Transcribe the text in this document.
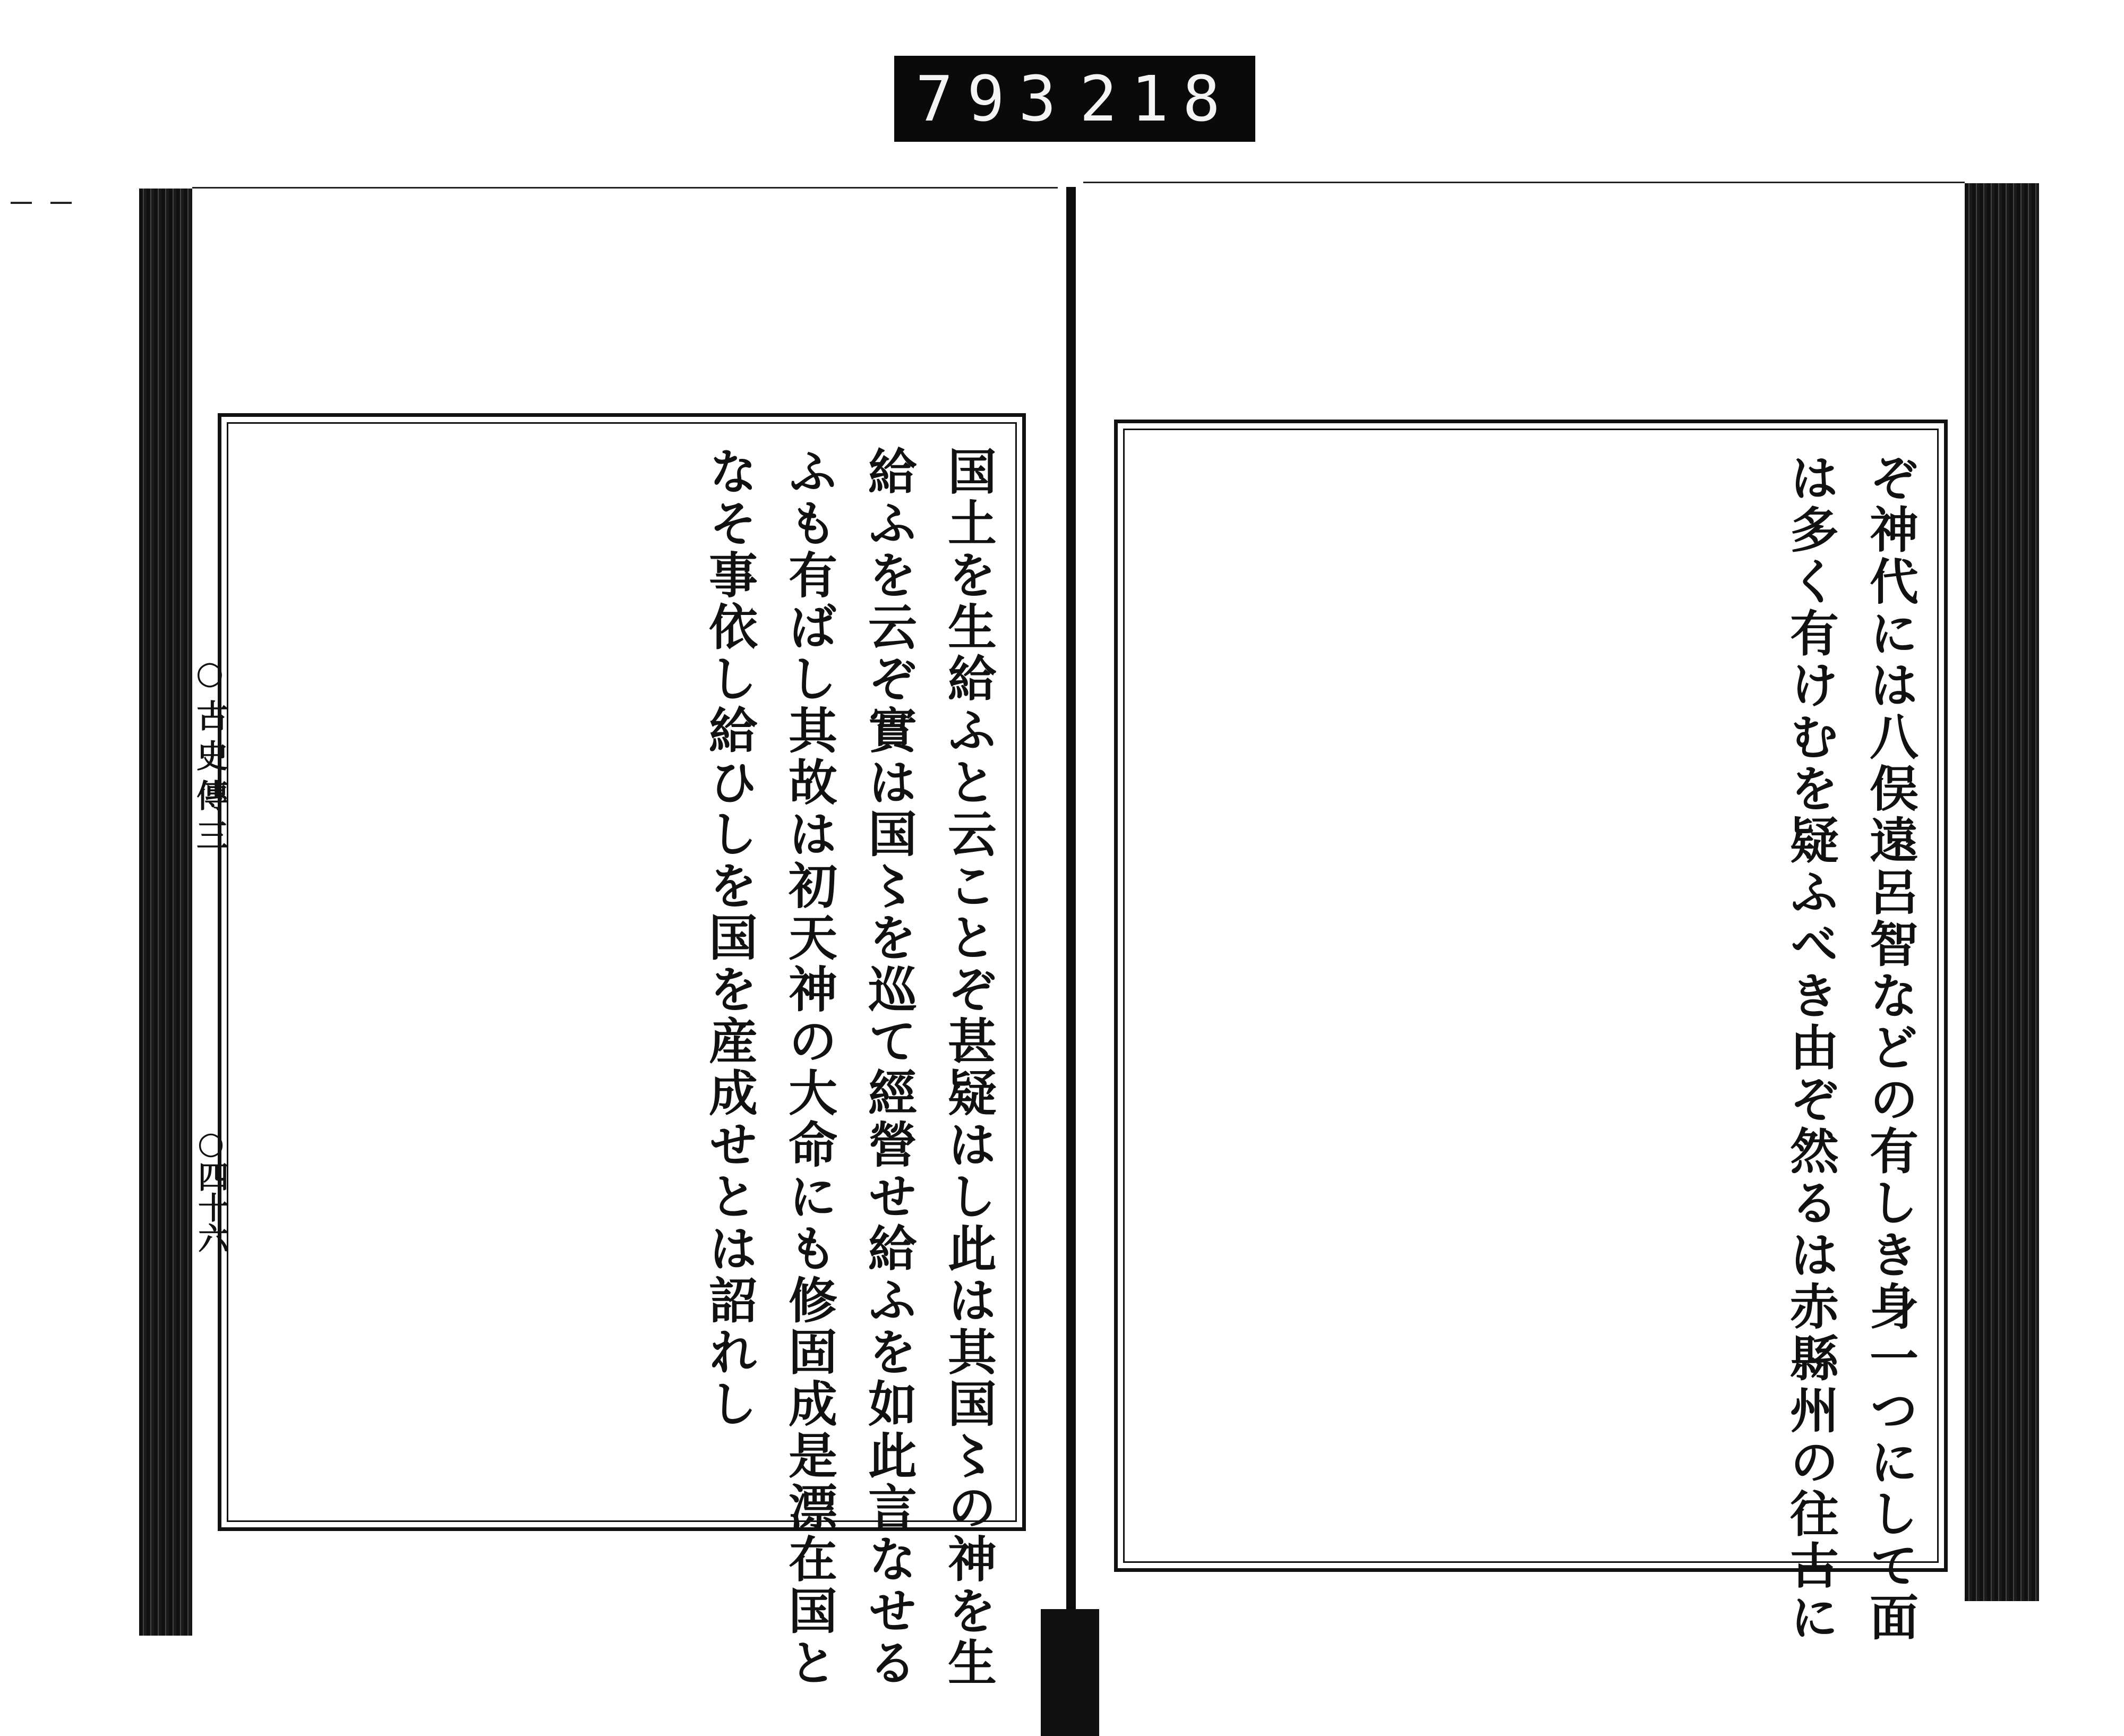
793 218
○古史傳三
○四十六	国土を生給ふと云ことぞ甚疑はし此は其国〻の神を生
給ふを云ぞ實は国〻を巡て經營せ給ふを如此言なせる
ふも有ばし其故は初天神の大命にも修固成是漂在国と
なそ事依し給ひしを国を産成せとは詔れし	ぞ神代には八俣遠呂智などの有しき身一つにして面
は多く有けむを疑ふべき由ぞ然るは赤縣州の往古に
